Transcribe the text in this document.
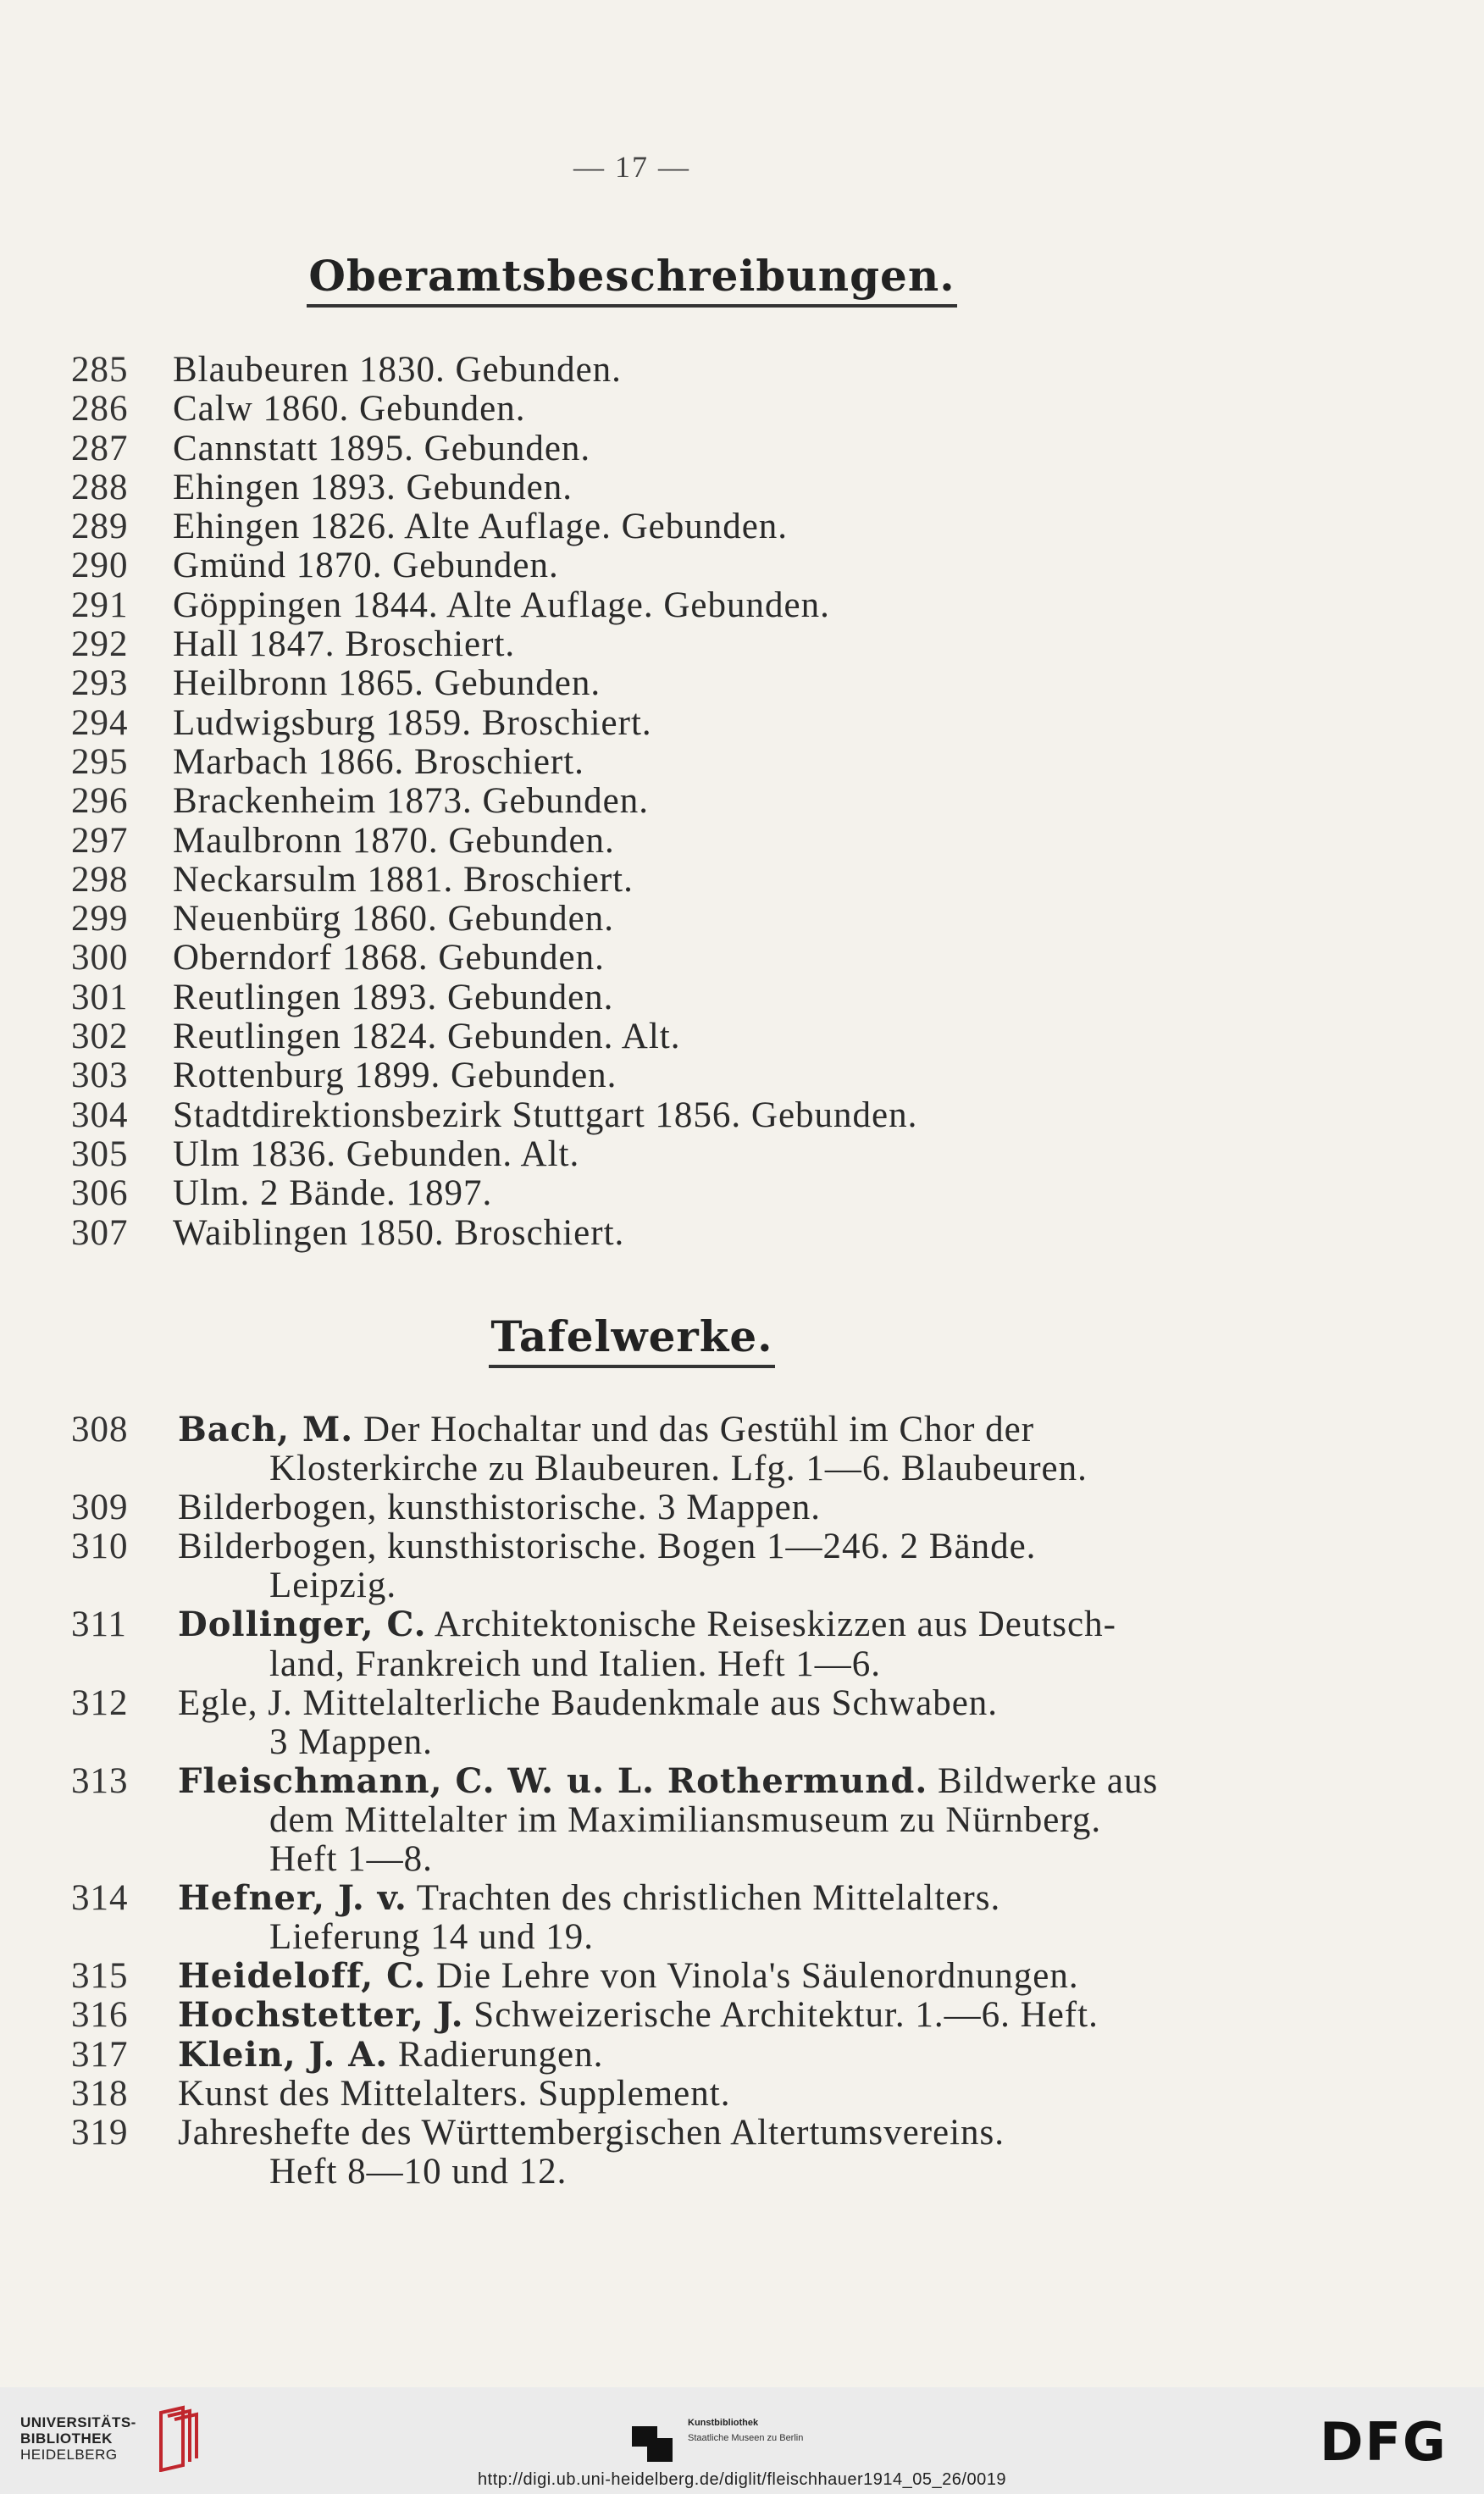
— 17 —
Oberamtsbeschreibungen.
285	Blaubeuren 1830. Gebunden.
286	Calw 1860. Gebunden.
287	Cannstatt 1895. Gebunden.
288	Ehingen 1893. Gebunden.
289	Ehingen 1826. Alte Auflage. Gebunden.
290	Gmünd 1870. Gebunden.
291	Göppingen 1844. Alte Auflage. Gebunden.
292	Hall 1847. Broschiert.
293	Heilbronn 1865. Gebunden.
294	Ludwigsburg 1859. Broschiert.
295	Marbach 1866. Broschiert.
296	Brackenheim 1873. Gebunden.
297	Maulbronn 1870. Gebunden.
298	Neckarsulm 1881. Broschiert.
299	Neuenbürg 1860. Gebunden.
300	Oberndorf 1868. Gebunden.
301	Reutlingen 1893. Gebunden.
302	Reutlingen 1824. Gebunden. Alt.
303	Rottenburg 1899. Gebunden.
304	Stadtdirektionsbezirk Stuttgart 1856. Gebunden.
305	Ulm 1836. Gebunden. Alt.
306	Ulm. 2 Bände. 1897.
307	Waiblingen 1850. Broschiert.
Tafelwerke.
308	Bach, M. Der Hochaltar und das Gestühl im Chor der
Klosterkirche zu Blaubeuren. Lfg. 1—6. Blaubeuren.
309	Bilderbogen, kunsthistorische. 3 Mappen.
310	Bilderbogen, kunsthistorische. Bogen 1—246. 2 Bände.
Leipzig.
311	Dollinger, C. Architektonische Reiseskizzen aus Deutsch-
land, Frankreich und Italien. Heft 1—6.
312	Egle, J. Mittelalterliche Baudenkmale aus Schwaben.
3 Mappen.
313	Fleischmann, C. W. u. L. Rothermund. Bildwerke aus
dem Mittelalter im Maximiliansmuseum zu Nürnberg.
Heft 1—8.
314	Hefner, J. v. Trachten des christlichen Mittelalters.
Lieferung 14 und 19.
315	Heideloff, C. Die Lehre von Vinola's Säulenordnungen.
316	Hochstetter, J. Schweizerische Architektur. 1.—6. Heft.
317	Klein, J. A. Radierungen.
318	Kunst des Mittelalters. Supplement.
319	Jahreshefte des Württembergischen Altertumsvereins.
Heft 8—10 und 12.
UNIVERSITÄTS-
BIBLIOTHEK
HEIDELBERG
Kunstbibliothek
Staatliche Museen zu Berlin	DFG
http://digi.ub.uni-heidelberg.de/diglit/fleischhauer1914_05_26/0019
